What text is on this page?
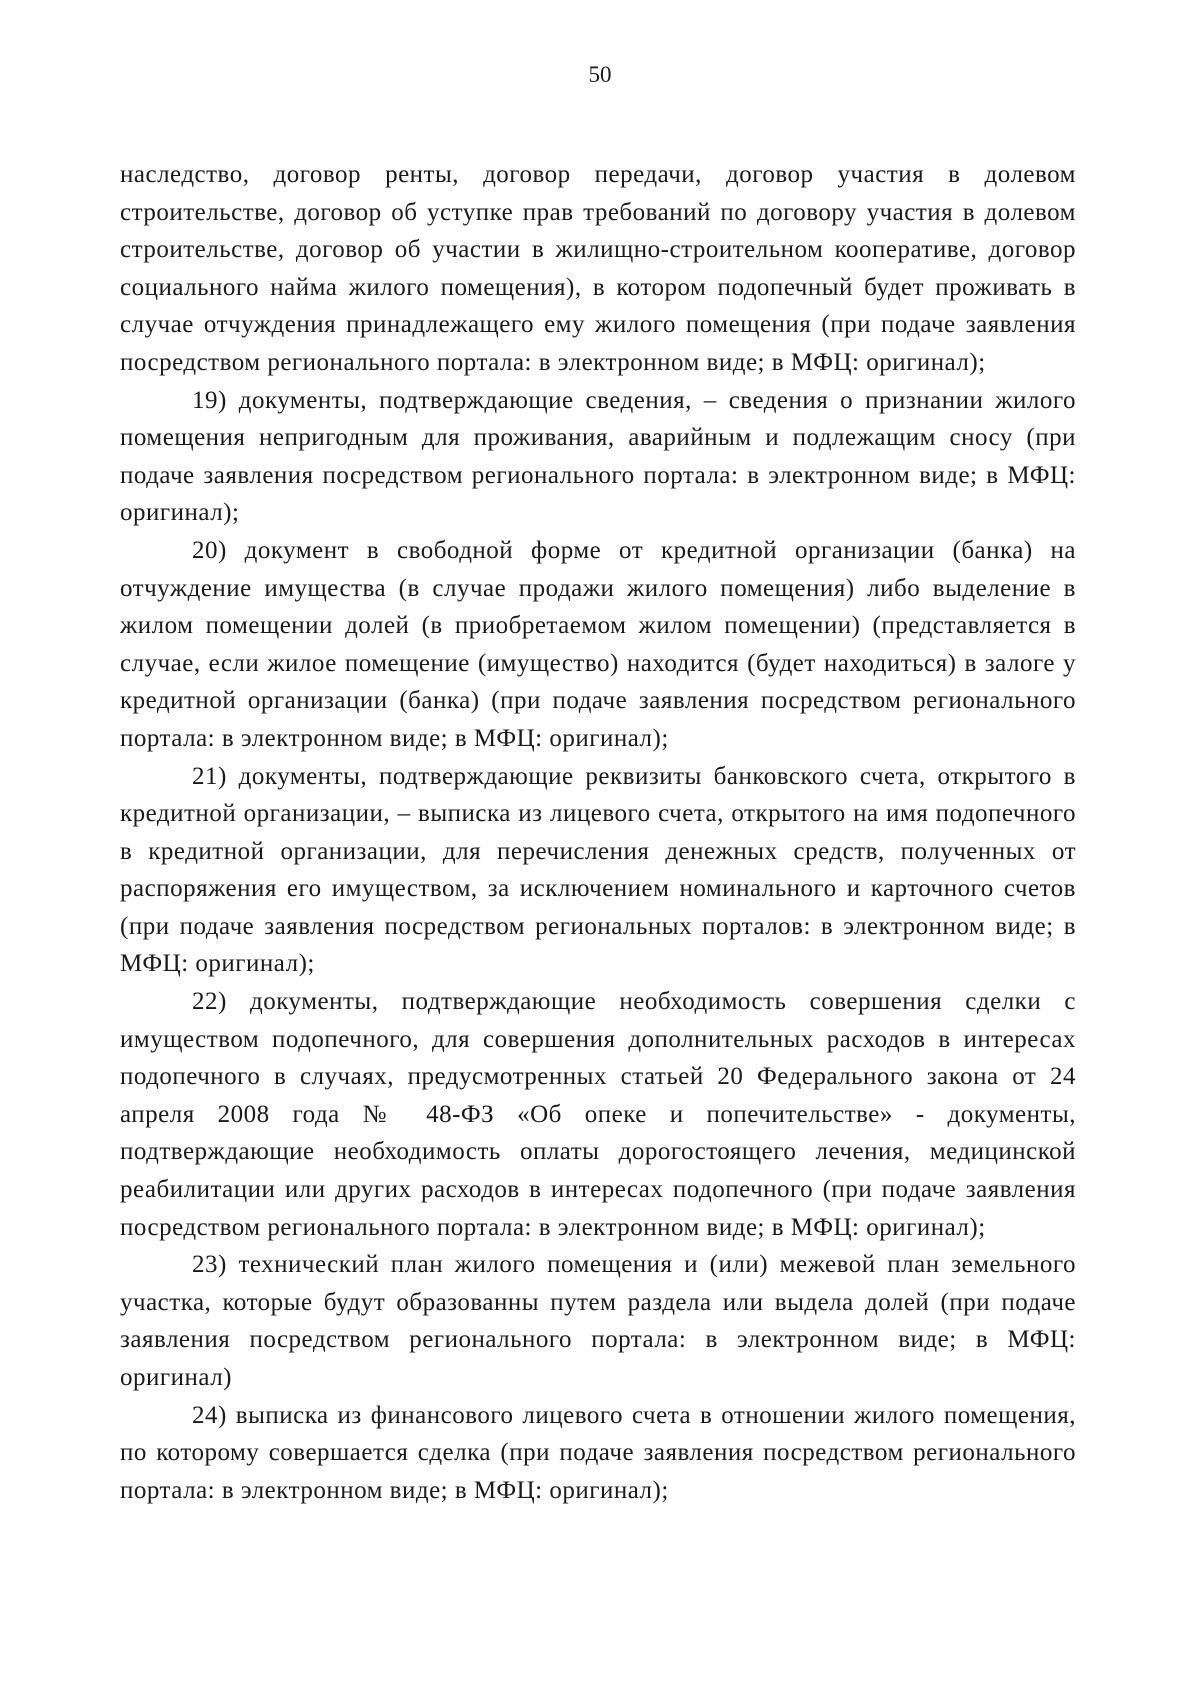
50

наследство, договор ренты, договор передачи, договор участия в долевом строительстве, договор об уступке прав требований по договору участия в долевом строительстве, договор об участии в жилищно-строительном кооперативе, договор социального найма жилого помещения), в котором подопечный будет проживать в случае отчуждения принадлежащего ему жилого помещения (при подаче заявления посредством регионального портала: в электронном виде; в МФЦ: оригинал);

19) документы, подтверждающие сведения, – сведения о признании жилого помещения непригодным для проживания, аварийным и подлежащим сносу (при подаче заявления посредством регионального портала: в электронном виде; в МФЦ: оригинал);

20) документ в свободной форме от кредитной организации (банка) на отчуждение имущества (в случае продажи жилого помещения) либо выделение в жилом помещении долей (в приобретаемом жилом помещении) (представляется в случае, если жилое помещение (имущество) находится (будет находиться) в залоге у кредитной организации (банка) (при подаче заявления посредством регионального портала: в электронном виде; в МФЦ: оригинал);

21) документы, подтверждающие реквизиты банковского счета, открытого в кредитной организации, – выписка из лицевого счета, открытого на имя подопечного в кредитной организации, для перечисления денежных средств, полученных от распоряжения его имуществом, за исключением номинального и карточного счетов (при подаче заявления посредством региональных порталов: в электронном виде; в МФЦ: оригинал);

22) документы, подтверждающие необходимость совершения сделки с имуществом подопечного, для совершения дополнительных расходов в интересах подопечного в случаях, предусмотренных статьей 20 Федерального закона от 24 апреля 2008 года № 48-ФЗ «Об опеке и попечительстве» - документы, подтверждающие необходимость оплаты дорогостоящего лечения, медицинской реабилитации или других расходов в интересах подопечного (при подаче заявления посредством регионального портала: в электронном виде; в МФЦ: оригинал);

23) технический план жилого помещения и (или) межевой план земельного участка, которые будут образованны путем раздела или выдела долей (при подаче заявления посредством регионального портала: в электронном виде; в МФЦ: оригинал)

24) выписка из финансового лицевого счета в отношении жилого помещения, по которому совершается сделка (при подаче заявления посредством регионального портала: в электронном виде; в МФЦ: оригинал);
